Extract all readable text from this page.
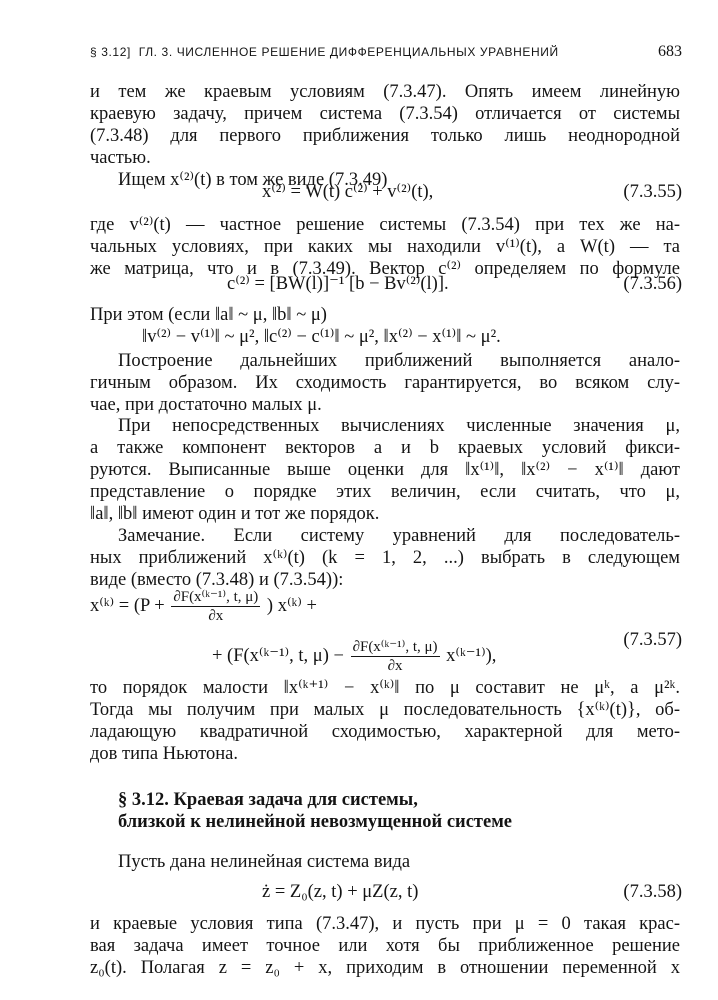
§ 3.12] ГЛ. 3. ЧИСЛЕННОЕ РЕШЕНИЕ ДИФФЕРЕНЦИАЛЬНЫХ УРАВНЕНИЙ	683
и тем же краевым условиям (7.3.47). Опять имеем линейную
краевую задачу, причем система (7.3.54) отличается от системы
(7.3.48) для первого приближения только лишь неоднородной
частью.
Ищем x⁽²⁾(t) в том же виде (7.3.49)
x⁽²⁾ = W(t) c⁽²⁾ + v⁽²⁾(t),	(7.3.55)
где v⁽²⁾(t) — частное решение системы (7.3.54) при тех же на-
чальных условиях, при каких мы находили v⁽¹⁾(t), а W(t) — та
же матрица, что и в (7.3.49). Вектор c⁽²⁾ определяем по формуле
c⁽²⁾ = [BW(l)]⁻¹ [b − Bv⁽²⁾(l)].	(7.3.56)
При этом (если ‖a‖ ~ μ, ‖b‖ ~ μ)
‖v⁽²⁾ − v⁽¹⁾‖ ~ μ², ‖c⁽²⁾ − c⁽¹⁾‖ ~ μ², ‖x⁽²⁾ − x⁽¹⁾‖ ~ μ².
Построение дальнейших приближений выполняется анало-
гичным образом. Их сходимость гарантируется, во всяком слу-
чае, при достаточно малых μ.
При непосредственных вычислениях численные значения μ,
а также компонент векторов a и b краевых условий фикси-
руются. Выписанные выше оценки для ‖x⁽¹⁾‖, ‖x⁽²⁾ − x⁽¹⁾‖ дают
представление о порядке этих величин, если считать, что μ,
‖a‖, ‖b‖ имеют один и тот же порядок.
Замечание. Если систему уравнений для последователь-
ных приближений x⁽ᵏ⁾(t) (k = 1, 2, ...) выбрать в следующем
виде (вместо (7.3.48) и (7.3.54)):
x⁽ᵏ⁾ = ($P + \frac{\text{∂F(x⁽ᵏ⁻¹⁾, t, μ)}}{\partial x}$ ) x⁽ᵏ⁾ +
+ (F(x⁽ᵏ⁻¹⁾, t, $\mu) - \frac{\text{∂F(x⁽ᵏ⁻¹⁾, t, μ)}}{\partial x}$ x⁽ᵏ⁻¹⁾),
(7.3.57)
то порядок малости ‖x⁽ᵏ⁺¹⁾ − x⁽ᵏ⁾‖ по μ составит не μᵏ, а μ²ᵏ.
Тогда мы получим при малых μ последовательность {x⁽ᵏ⁾(t)}, об-
ладающую квадратичной сходимостью, характерной для мето-
дов типа Ньютона.
§ 3.12. Краевая задача для системы,
близкой к нелинейной невозмущенной системе
Пусть дана нелинейная система вида
ż = Z₀(z, t) + μZ(z, t)	(7.3.58)
и краевые условия типа (7.3.47), и пусть при μ = 0 такая крас-
вая задача имеет точное или хотя бы приближенное решение
z₀(t). Полагая z = z₀ + x, приходим в отношении переменной x
